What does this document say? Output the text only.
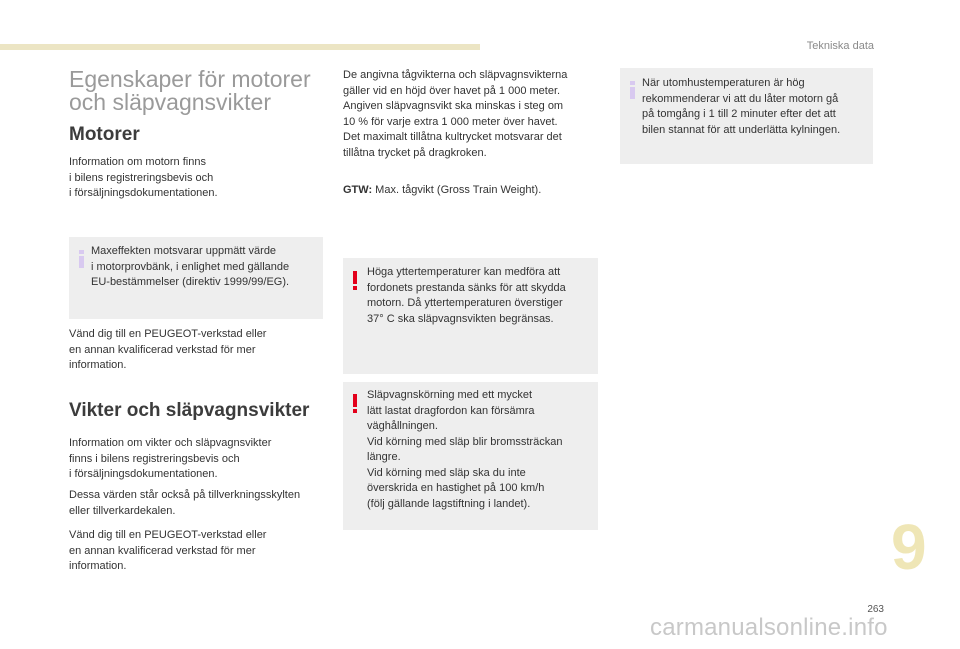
Tekniska data
Egenskaper för motorer
och släpvagnsvikter
Motorer
Information om motorn finns
i bilens registreringsbevis och
i försäljningsdokumentationen.
Maxeffekten motsvarar uppmätt värde
i motorprovbänk, i enlighet med gällande
EU-bestämmelser (direktiv 1999/99/EG).
Vänd dig till en PEUGEOT-verkstad eller
en annan kvalificerad verkstad för mer
information.
Vikter och släpvagnsvikter
Information om vikter och släpvagnsvikter
finns i bilens registreringsbevis och
i försäljningsdokumentationen.
Dessa värden står också på tillverkningsskylten
eller tillverkardekalen.
Vänd dig till en PEUGEOT-verkstad eller
en annan kvalificerad verkstad för mer
information.
De angivna tågvikterna och släpvagnsvikterna
gäller vid en höjd över havet på 1 000 meter.
Angiven släpvagnsvikt ska minskas i steg om
10 % för varje extra 1 000 meter över havet.
Det maximalt tillåtna kultrycket motsvarar det
tillåtna trycket på dragkroken.
GTW: Max. tågvikt (Gross Train Weight).
Höga yttertemperaturer kan medföra att
fordonets prestanda sänks för att skydda
motorn. Då yttertemperaturen överstiger
37° C ska släpvagnsvikten begränsas.
Släpvagnskörning med ett mycket
lätt lastat dragfordon kan försämra
väghållningen.
Vid körning med släp blir bromssträckan
längre.
Vid körning med släp ska du inte
överskrida en hastighet på 100 km/h
(följ gällande lagstiftning i landet).
När utomhustemperaturen är hög
rekommenderar vi att du låter motorn gå
på tomgång i 1 till 2 minuter efter det att
bilen stannat för att underlätta kylningen.
9
263
carmanualsonline.info
